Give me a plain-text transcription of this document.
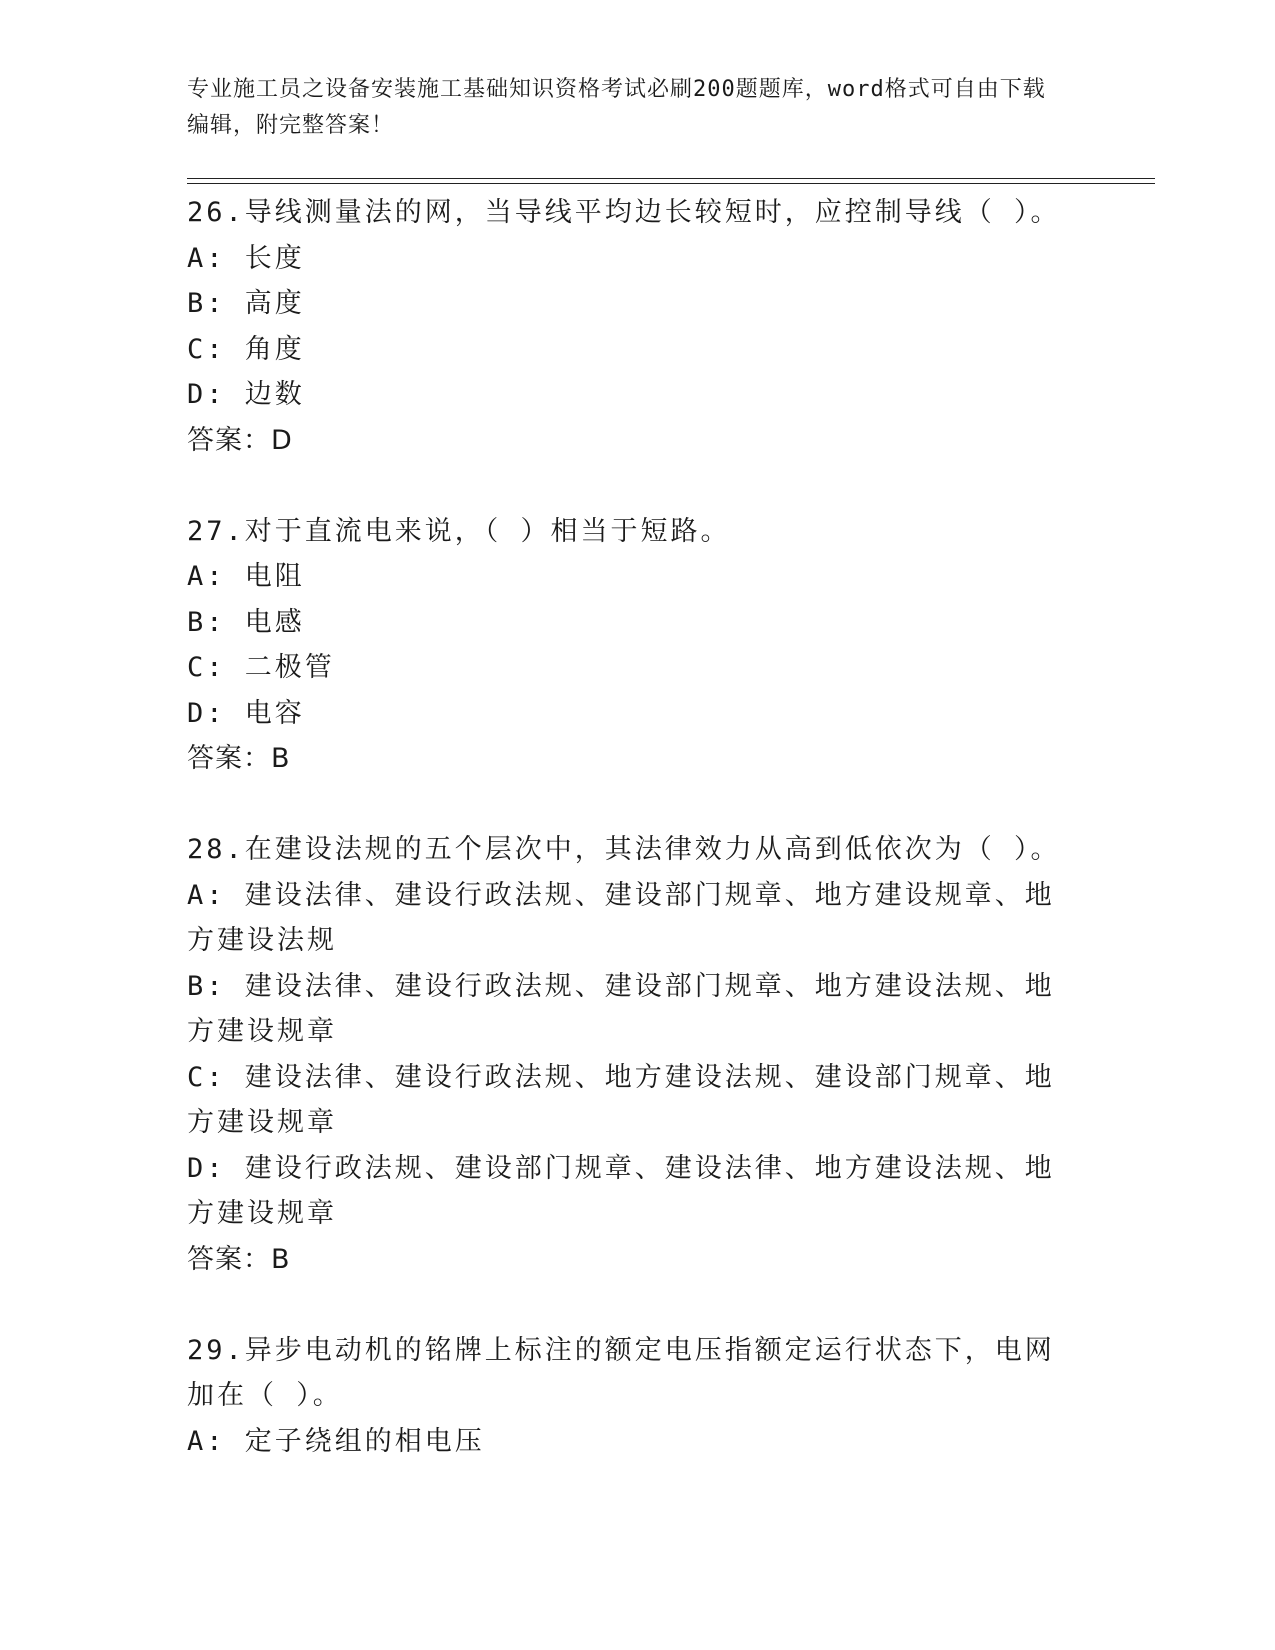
专业施工员之设备安装施工基础知识资格考试必刷200题题库，word格式可自由下载编辑，附完整答案！
26.导线测量法的网，当导线平均边长较短时，应控制导线（ ）。
A: 长度
B: 高度
C: 角度
D: 边数
答案：D
27.对于直流电来说，（ ）相当于短路。
A: 电阻
B: 电感
C: 二极管
D: 电容
答案：B
28.在建设法规的五个层次中，其法律效力从高到低依次为（ ）。
A: 建设法律、建设行政法规、建设部门规章、地方建设规章、地方建设法规
B: 建设法律、建设行政法规、建设部门规章、地方建设法规、地方建设规章
C: 建设法律、建设行政法规、地方建设法规、建设部门规章、地方建设规章
D: 建设行政法规、建设部门规章、建设法律、地方建设法规、地方建设规章
答案：B
29.异步电动机的铭牌上标注的额定电压指额定运行状态下，电网加在（ ）。
A: 定子绕组的相电压
